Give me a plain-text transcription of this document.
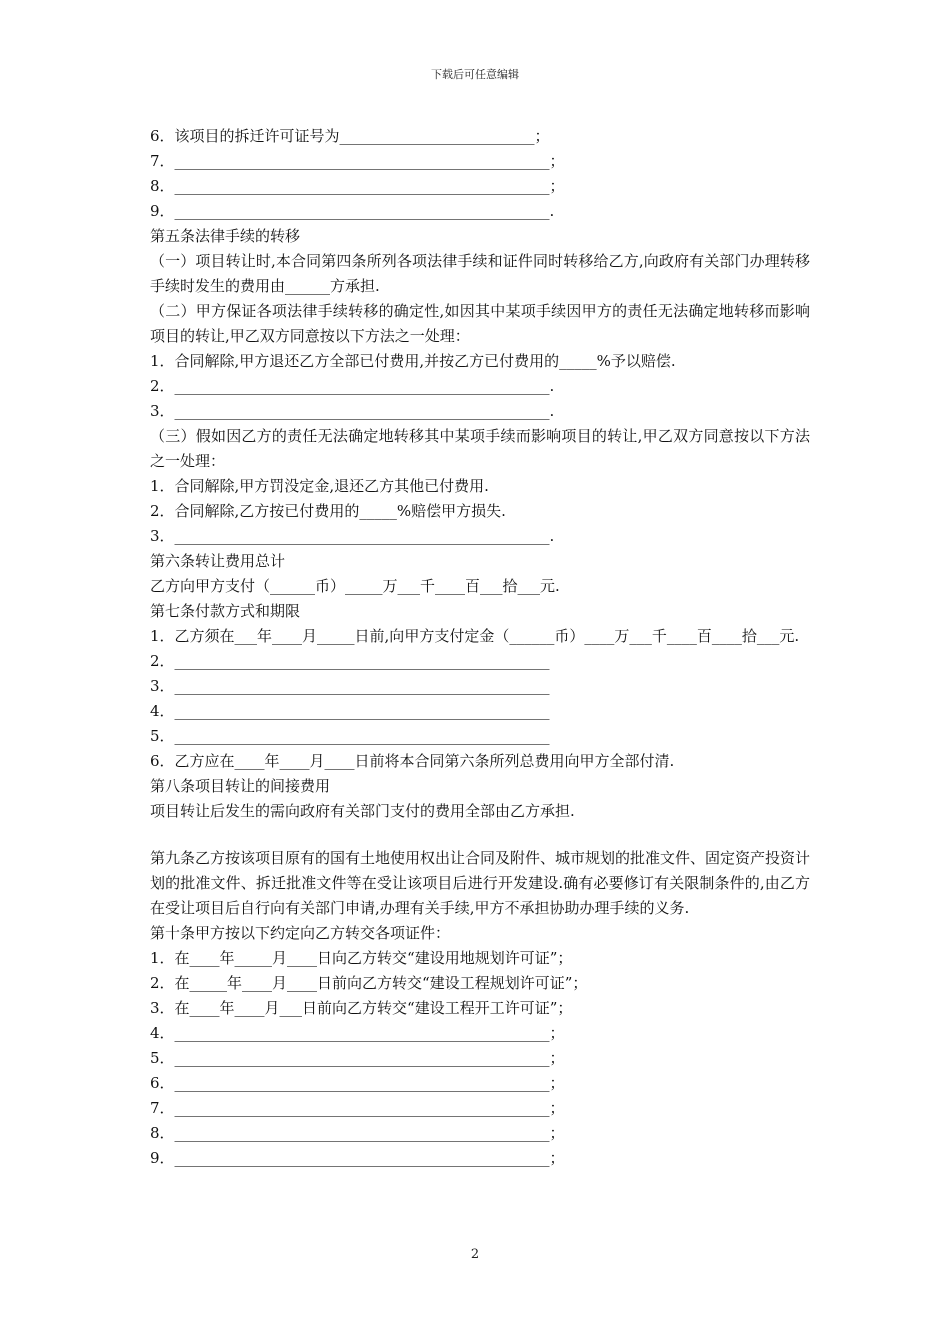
下载后可任意编辑
6．该项目的拆迁许可证号为__________________________；
7．__________________________________________________；
8．__________________________________________________；
9．__________________________________________________.
第五条法律手续的转移
（一）项目转让时,本合同第四条所列各项法律手续和证件同时转移给乙方,向政府有关部门办理转移手续时发生的费用由______方承担.
（二）甲方保证各项法律手续转移的确定性,如因其中某项手续因甲方的责任无法确定地转移而影响项目的转让,甲乙双方同意按以下方法之一处理：
1．合同解除,甲方退还乙方全部已付费用,并按乙方已付费用的_____%予以赔偿.
2．__________________________________________________.
3．__________________________________________________.
（三）假如因乙方的责任无法确定地转移其中某项手续而影响项目的转让,甲乙双方同意按以下方法之一处理：
1．合同解除,甲方罚没定金,退还乙方其他已付费用.
2．合同解除,乙方按已付费用的_____%赔偿甲方损失.
3．__________________________________________________.
第六条转让费用总计
乙方向甲方支付（______币）_____万___千____百___拾___元.
第七条付款方式和期限
1．乙方须在___年____月_____日前,向甲方支付定金（______币）____万___千____百____拾___元.
2．__________________________________________________
3．__________________________________________________
4．__________________________________________________
5．__________________________________________________
6．乙方应在____年____月____日前将本合同第六条所列总费用向甲方全部付清.
第八条项目转让的间接费用
项目转让后发生的需向政府有关部门支付的费用全部由乙方承担.
第九条乙方按该项目原有的国有土地使用权出让合同及附件、城市规划的批准文件、固定资产投资计划的批准文件、拆迁批准文件等在受让该项目后进行开发建设.确有必要修订有关限制条件的,由乙方在受让项目后自行向有关部门申请,办理有关手续,甲方不承担协助办理手续的义务.
第十条甲方按以下约定向乙方转交各项证件：
1．在____年_____月____日向乙方转交“建设用地规划许可证”；
2．在_____年____月____日前向乙方转交“建设工程规划许可证”；
3．在____年____月___日前向乙方转交“建设工程开工许可证”；
4．__________________________________________________；
5．__________________________________________________；
6．__________________________________________________；
7．__________________________________________________；
8．__________________________________________________；
9．__________________________________________________；
2
